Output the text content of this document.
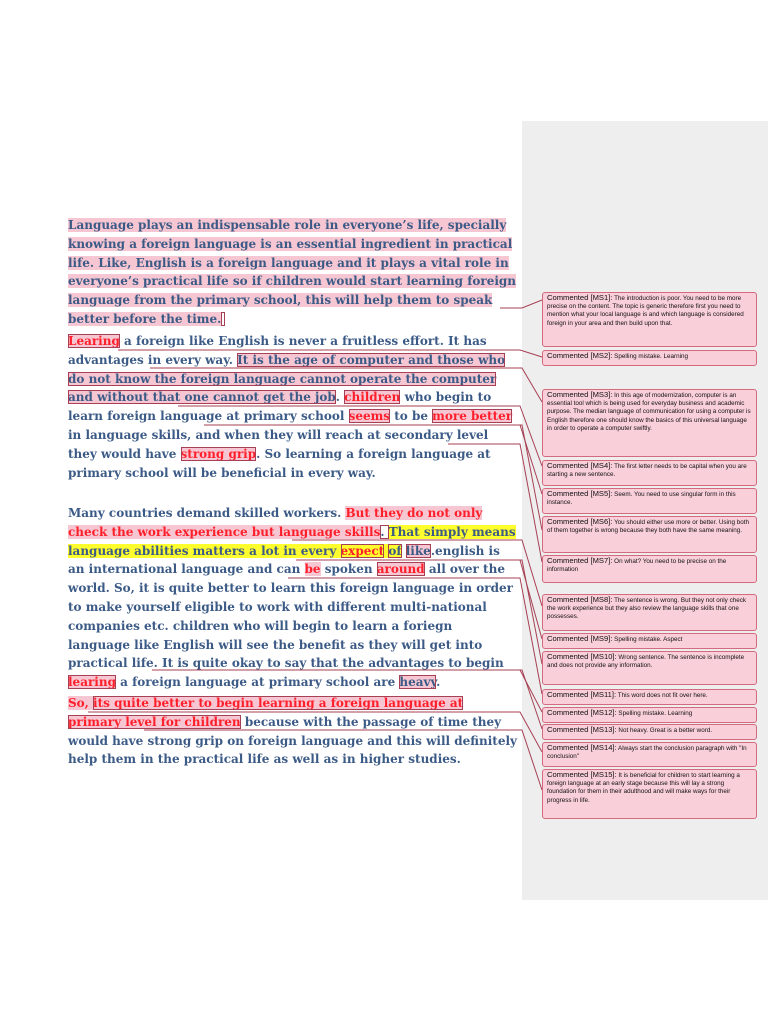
Language plays an indispensable role in everyone’s life, specially knowing a foreign language is an essential ingredient in practical life. Like, English is a foreign language and it plays a vital role in everyone’s practical life so if children would start learning foreign language from the primary school, this will help them to speak better before the time.

Learing a foreign like English is never a fruitless effort. It has advantages in every way. It is the age of computer and those who do not know the foreign language cannot operate the computer and without that one cannot get the job. children who begin to learn foreign language at primary school seems to be more better in language skills, and when they will reach at secondary level they would have strong grip. So learning a foreign language at primary school will be beneficial in every way.

Many countries demand skilled workers. But they do not only check the work experience but language skills. That simply means language abilities matters a lot in every expect of like.english is an international language and can be spoken around all over the world. So, it is quite better to learn this foreign language in order to make yourself eligible to work with different multi-national companies etc. children who will begin to learn a foriegn language like English will see the benefit as they will get into practical life. It is quite okay to say that the advantages to begin learing a foreign language at primary school are heavy.

So, its quite better to begin learning a foreign language at primary level for children because with the passage of time they would have strong grip on foreign language and this will definitely help them in the practical life as well as in higher studies.

Commented [MS1]: The introduction is poor. You need to be more precise on the content. The topic is generic therefore first you need to mention what your local language is and which language is considered foreign in your area and then build upon that.
Commented [MS2]: Spelling mistake. Learning
Commented [MS3]: In this age of modernization, computer is an essential tool which is being used for everyday business and academic purpose. The median language of communication for using a computer is English therefore one should know the basics of this universal language in order to operate a computer swiftly.
Commented [MS4]: The first letter needs to be capital when you are starting a new sentence.
Commented [MS5]: Seem. You need to use singular form in this instance.
Commented [MS6]: You should either use more or better. Using both of them together is wrong because they both have the same meaning.
Commented [MS7]: On what? You need to be precise on the information
Commented [MS8]: The sentence is wrong. But they not only check the work experience but they also review the language skills that one possesses.
Commented [MS9]: Spelling mistake. Aspect
Commented [MS10]: Wrong sentence. The sentence is incomplete and does not provide any information.
Commented [MS11]: This word does not fit over here.
Commented [MS12]: Spelling mistake. Learning
Commented [MS13]: Not heavy. Great is a better word.
Commented [MS14]: Always start the conclusion paragraph with "In conclusion"
Commented [MS15]: It is beneficial for children to start learning a foreign language at an early stage because this will lay a strong foundation for them in their adulthood and will make ways for their progress in life.
